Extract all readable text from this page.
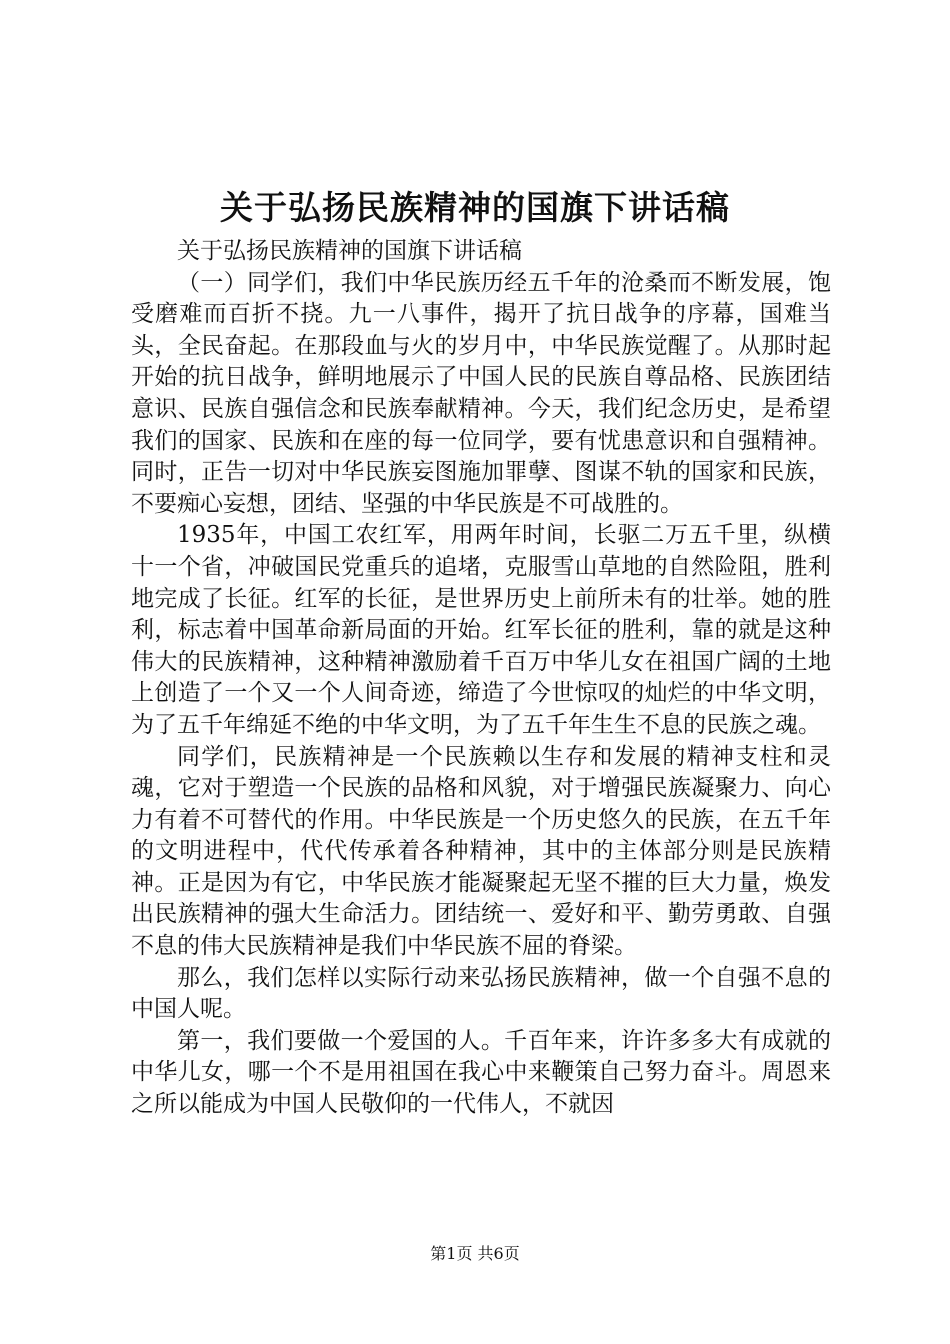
关于弘扬民族精神的国旗下讲话稿

关于弘扬民族精神的国旗下讲话稿

（一）同学们，我们中华民族历经五千年的沧桑而不断发展，饱受磨难而百折不挠。九一八事件，揭开了抗日战争的序幕，国难当头，全民奋起。在那段血与火的岁月中，中华民族觉醒了。从那时起开始的抗日战争，鲜明地展示了中国人民的民族自尊品格、民族团结意识、民族自强信念和民族奉献精神。今天，我们纪念历史，是希望我们的国家、民族和在座的每一位同学，要有忧患意识和自强精神。同时，正告一切对中华民族妄图施加罪孽、图谋不轨的国家和民族，不要痴心妄想，团结、坚强的中华民族是不可战胜的。

1935年，中国工农红军，用两年时间，长驱二万五千里，纵横十一个省，冲破国民党重兵的追堵，克服雪山草地的自然险阻，胜利地完成了长征。红军的长征，是世界历史上前所未有的壮举。她的胜利，标志着中国革命新局面的开始。红军长征的胜利，靠的就是这种伟大的民族精神，这种精神激励着千百万中华儿女在祖国广阔的土地上创造了一个又一个人间奇迹，缔造了今世惊叹的灿烂的中华文明，为了五千年绵延不绝的中华文明，为了五千年生生不息的民族之魂。

同学们，民族精神是一个民族赖以生存和发展的精神支柱和灵魂，它对于塑造一个民族的品格和风貌，对于增强民族凝聚力、向心力有着不可替代的作用。中华民族是一个历史悠久的民族，在五千年的文明进程中，代代传承着各种精神，其中的主体部分则是民族精神。正是因为有它，中华民族才能凝聚起无坚不摧的巨大力量，焕发出民族精神的强大生命活力。团结统一、爱好和平、勤劳勇敢、自强不息的伟大民族精神是我们中华民族不屈的脊梁。

那么，我们怎样以实际行动来弘扬民族精神，做一个自强不息的中国人呢。

第一，我们要做一个爱国的人。千百年来，许许多多大有成就的中华儿女，哪一个不是用祖国在我心中来鞭策自己努力奋斗。周恩来之所以能成为中国人民敬仰的一代伟人，不就因

第1页 共6页
